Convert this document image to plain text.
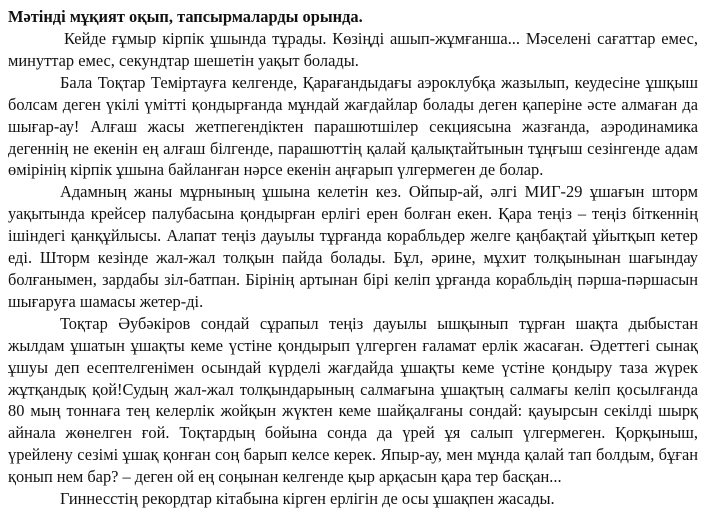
Мәтінді мұқият оқып, тапсырмаларды орында.

Кейде ғұмыр кірпік ұшында тұрады. Көзіңді ашып-жұмғанша... Мәселені сағаттар емес, минуттар емес, секундтар шешетін уақыт болады.

Бала Тоқтар Теміртауға келгенде, Қарағандыдағы аэроклубқа жазылып, кеудесіне ұшқыш болсам деген үкілі үмітті қондырғанда мұндай жағдайлар болады деген қаперіне әсте алмаған да шығар-ау! Алғаш жасы жетпегендіктен парашютшілер секциясына жазғанда, аэродинамика дегеннің не екенін ең алғаш білгенде, парашюттің қалай қалықтайтынын тұңғыш сезінгенде адам өмірінің кірпік ұшына байланған нәрсе екенін аңғарып үлгермеген де болар.

Адамның жаны мұрнының ұшына келетін кез. Ойпыр-ай, әлгі МИГ-29 ұшағын шторм уақытында крейсер палубасына қондырған ерлігі ерен болған екен. Қара теңіз – теңіз біткеннің ішіндегі қанқұйлысы. Алапат теңіз дауылы тұрғанда корабльдер желге қаңбақтай ұйытқып кетер еді. Шторм кезінде жал-жал толқын пайда болады. Бұл, әрине, мұхит толқынынан шағындау болғанымен, зардабы зіл-батпан. Бірінің артынан бірі келіп ұрғанда корабльдің пәрша-пәршасын шығаруға шамасы жетер-ді.

Тоқтар Әубәкіров сондай сұрапыл теңіз дауылы ышқынып тұрған шақта дыбыстан жылдам ұшатын ұшақты кеме үстіне қондырып үлгерген ғаламат ерлік жасаған. Әдеттегі сынақ ұшуы деп есептелгенімен осындай күрделі жағдайда ұшақты кеме үстіне қондыру таза жүрек жұтқандық қой!Судың жал-жал толқындарының салмағына ұшақтың салмағы келіп қосылғанда 80 мың тоннаға тең келерлік жойқын жүктен кеме шайқалғаны сондай: қаyырсын секілді шырқ айнала жөнелген ғой. Тоқтардың бойына сонда да үрей ұя салып үлгермеген. Қорқыныш, үрейлену сезімі ұшақ қонған соң барып келсе керек. Япыр-ау, мен мұнда қалай тап болдым, бұған қонып нем бар? – деген ой ең соңынан келгенде қыр арқасын қара тер басқан...

Гиннесстің рекордтар кітабына кірген ерлігін де осы ұшақпен жасады.
